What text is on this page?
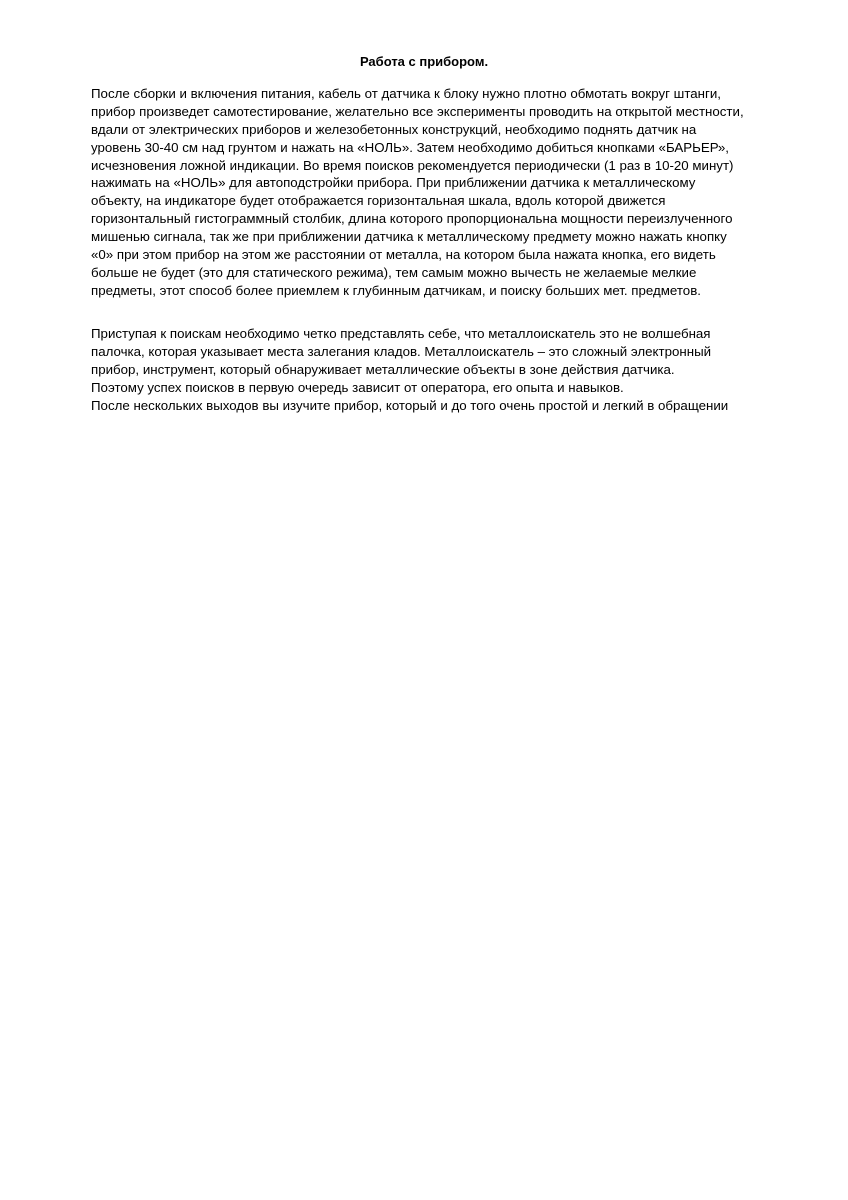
Работа с прибором.
После сборки и включения питания, кабель от датчика к блоку нужно плотно обмотать вокруг штанги,
прибор произведет самотестирование, желательно все эксперименты проводить на открытой местности,
вдали от электрических приборов и железобетонных конструкций, необходимо поднять датчик на
уровень 30-40 см над грунтом и нажать на «НОЛЬ». Затем необходимо добиться кнопками «БАРЬЕР»,
исчезновения ложной индикации. Во время поисков рекомендуется периодически (1 раз в 10-20 минут)
нажимать на «НОЛЬ» для автоподстройки прибора. При приближении датчика к металлическому
объекту, на индикаторе будет отображается горизонтальная шкала, вдоль которой движется
горизонтальный гистограммный столбик, длина которого пропорциональна мощности переизлученного
мишенью сигнала, так же при приближении датчика к металлическому предмету можно нажать кнопку
«0» при этом прибор на этом же расстоянии от металла, на котором была нажата кнопка, его видеть
больше не будет (это для статического режима), тем самым можно вычесть не желаемые мелкие
предметы, этот способ более приемлем к глубинным датчикам, и поиску больших мет. предметов.
Приступая к поискам необходимо четко представлять себе, что металлоискатель это не волшебная
палочка, которая указывает места залегания кладов. Металлоискатель – это сложный электронный
прибор, инструмент, который обнаруживает металлические объекты в зоне действия датчика.
Поэтому успех поисков в первую очередь зависит от оператора, его опыта и навыков.
После нескольких выходов вы изучите прибор, который и до того очень простой и легкий в обращении
